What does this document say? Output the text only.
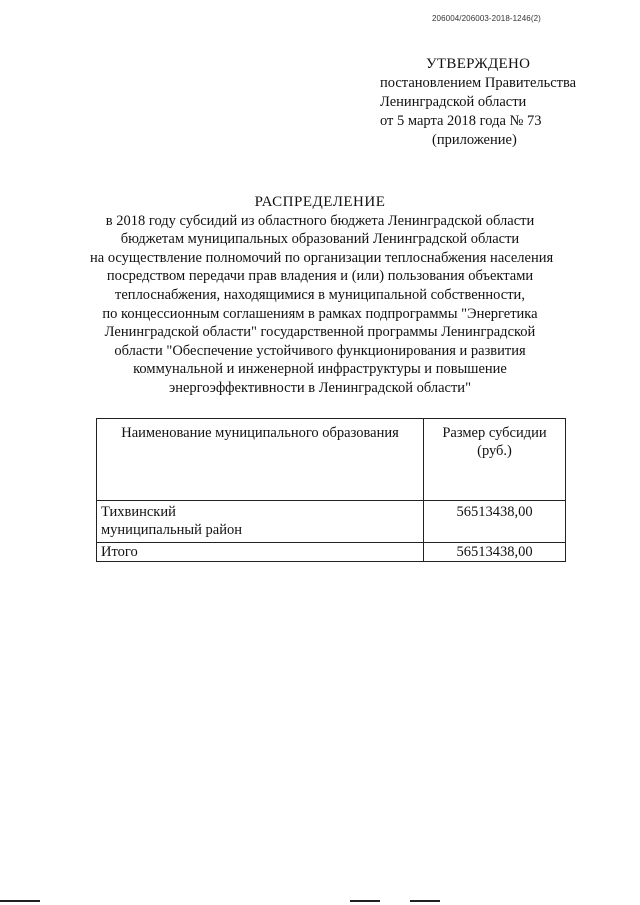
206004/206003-2018-1246(2)
УТВЕРЖДЕНО
постановлением Правительства
Ленинградской области
от 5 марта 2018 года № 73
(приложение)
РАСПРЕДЕЛЕНИЕ
в 2018 году субсидий из областного бюджета Ленинградской области
бюджетам муниципальных образований Ленинградской области
на осуществление полномочий по организации теплоснабжения населения
посредством передачи прав владения и (или) пользования объектами
теплоснабжения, находящимися в муниципальной собственности,
по концессионным соглашениям в рамках подпрограммы "Энергетика
Ленинградской области" государственной программы Ленинградской
области "Обеспечение устойчивого функционирования и развития
коммунальной и инженерной инфраструктуры и повышение
энергоэффективности в Ленинградской области"
Наименование муниципального образования	Размер субсидии
(руб.)

Тихвинский
муниципальный район	56513438,00
Итого	56513438,00
